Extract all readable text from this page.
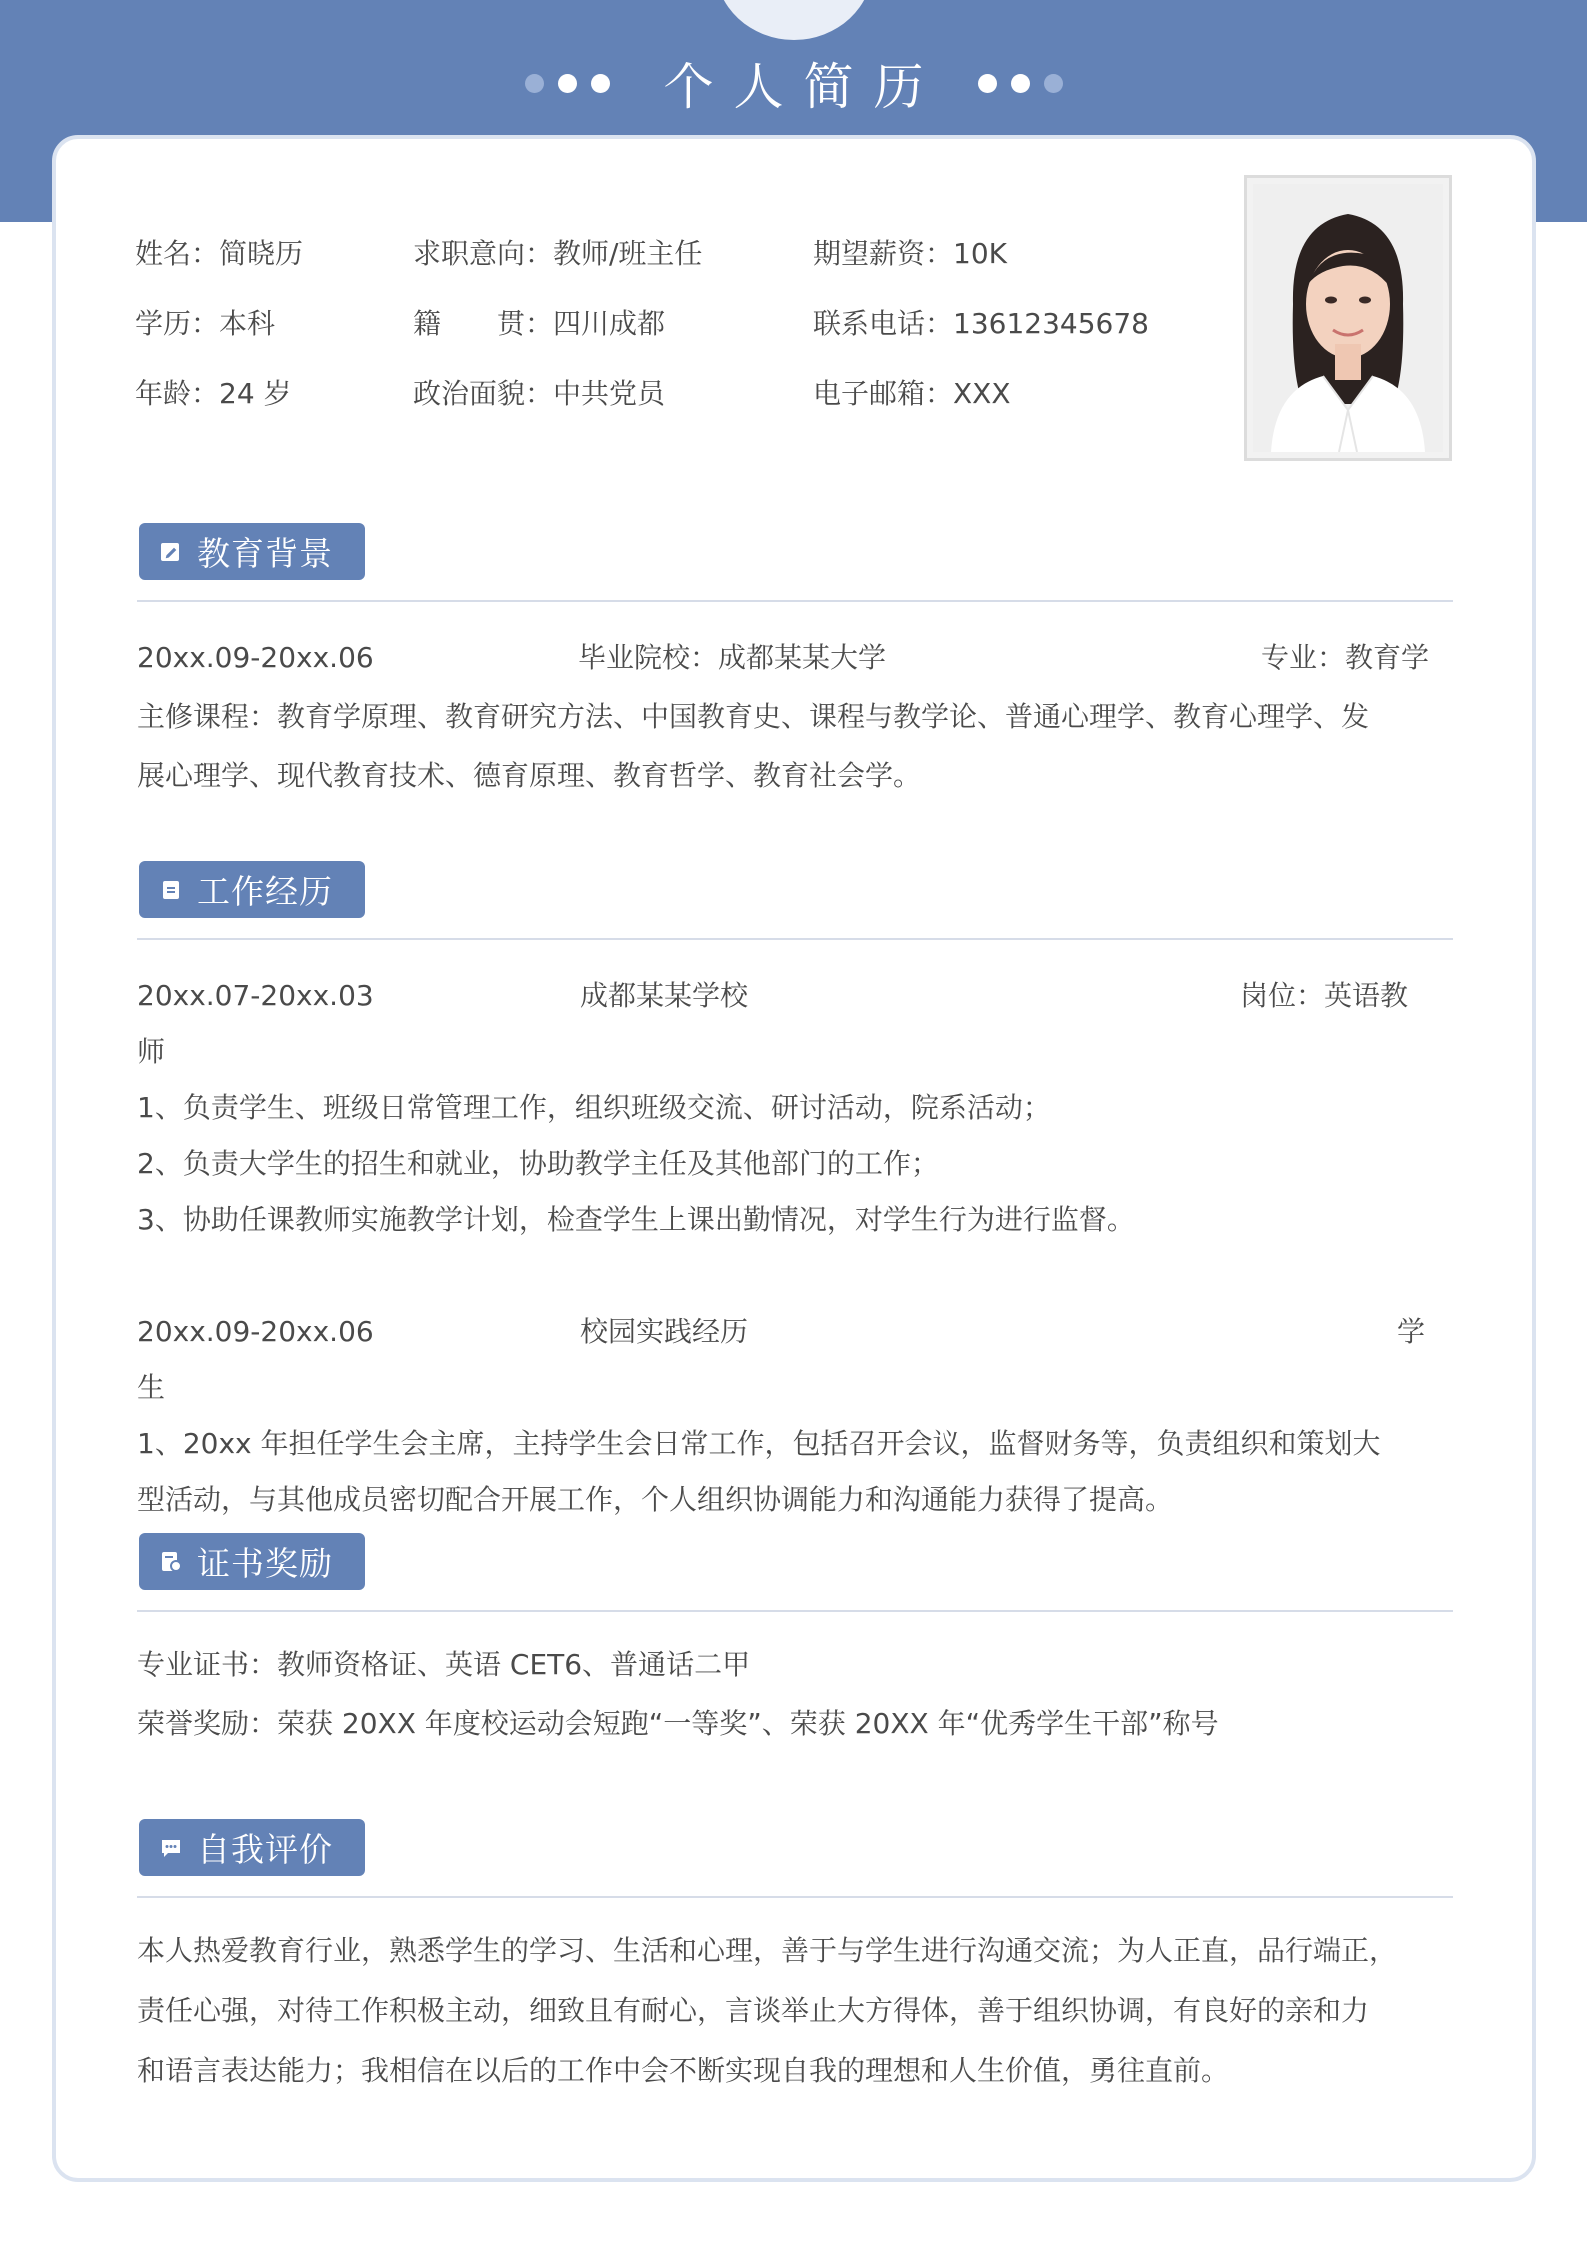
个人简历
姓名：简晓历	求职意向：教师/班主任	期望薪资：10K
学历：本科	籍　　贯：四川成都	联系电话：13612345678
年龄：24 岁	政治面貌：中共党员	电子邮箱：XXX
教育背景
20xx.09-20xx.06	毕业院校：成都某某大学	专业：教育学
主修课程：教育学原理、教育研究方法、中国教育史、课程与教学论、普通心理学、教育心理学、发
展心理学、现代教育技术、德育原理、教育哲学、教育社会学。
工作经历
20xx.07-20xx.03	成都某某学校	岗位：英语教
师
1、负责学生、班级日常管理工作，组织班级交流、研讨活动，院系活动；
2、负责大学生的招生和就业，协助教学主任及其他部门的工作；
3、协助任课教师实施教学计划，检查学生上课出勤情况，对学生行为进行监督。
20xx.09-20xx.06	校园实践经历	学
生
1、20xx 年担任学生会主席，主持学生会日常工作，包括召开会议，监督财务等，负责组织和策划大
型活动，与其他成员密切配合开展工作，个人组织协调能力和沟通能力获得了提高。
证书奖励
专业证书：教师资格证、英语 CET6、普通话二甲
荣誉奖励：荣获 20XX 年度校运动会短跑“一等奖”、荣获 20XX 年“优秀学生干部”称号
自我评价
本人热爱教育行业，熟悉学生的学习、生活和心理，善于与学生进行沟通交流；为人正直，品行端正，
责任心强，对待工作积极主动，细致且有耐心，言谈举止大方得体，善于组织协调，有良好的亲和力
和语言表达能力；我相信在以后的工作中会不断实现自我的理想和人生价值，勇往直前。
